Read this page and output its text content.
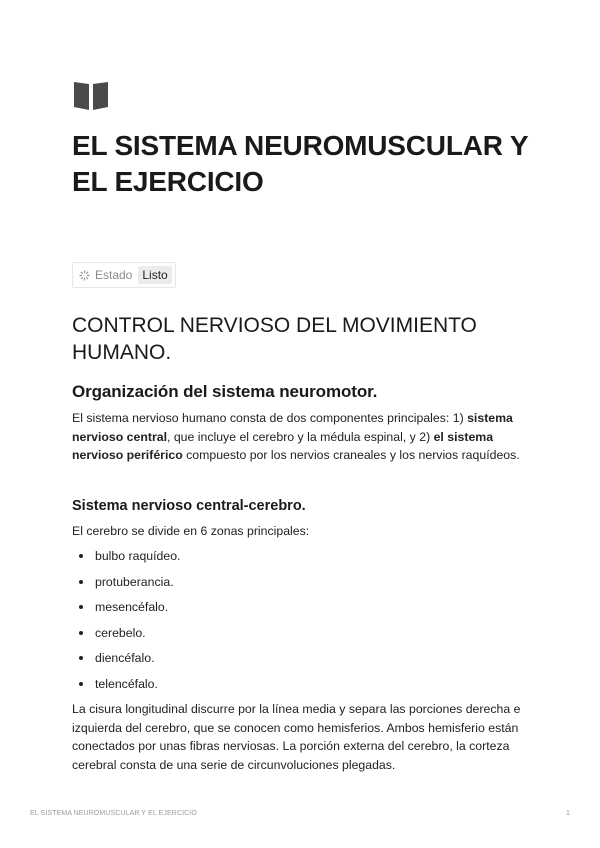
EL SISTEMA NEUROMUSCULAR Y EL EJERCICIO
Estado Listo
CONTROL NERVIOSO DEL MOVIMIENTO HUMANO.
Organización del sistema neuromotor.

El sistema nervioso humano consta de dos componentes principales: 1) sistema nervioso central, que incluye el cerebro y la médula espinal, y 2) el sistema nervioso periférico compuesto por los nervios craneales y los nervios raquídeos.

Sistema nervioso central-cerebro.

El cerebro se divide en 6 zonas principales:

bulbo raquídeo.
protuberancia.
mesencéfalo.
cerebelo.
diencéfalo.
telencéfalo.

La cisura longitudinal discurre por la línea media y separa las porciones derecha e izquierda del cerebro, que se conocen como hemisferios. Ambos hemisferio están conectados por unas fibras nerviosas. La porción externa del cerebro, la corteza cerebral consta de una serie de circunvoluciones plegadas.

EL SISTEMA NEUROMUSCULAR Y EL EJERCICIO	1
